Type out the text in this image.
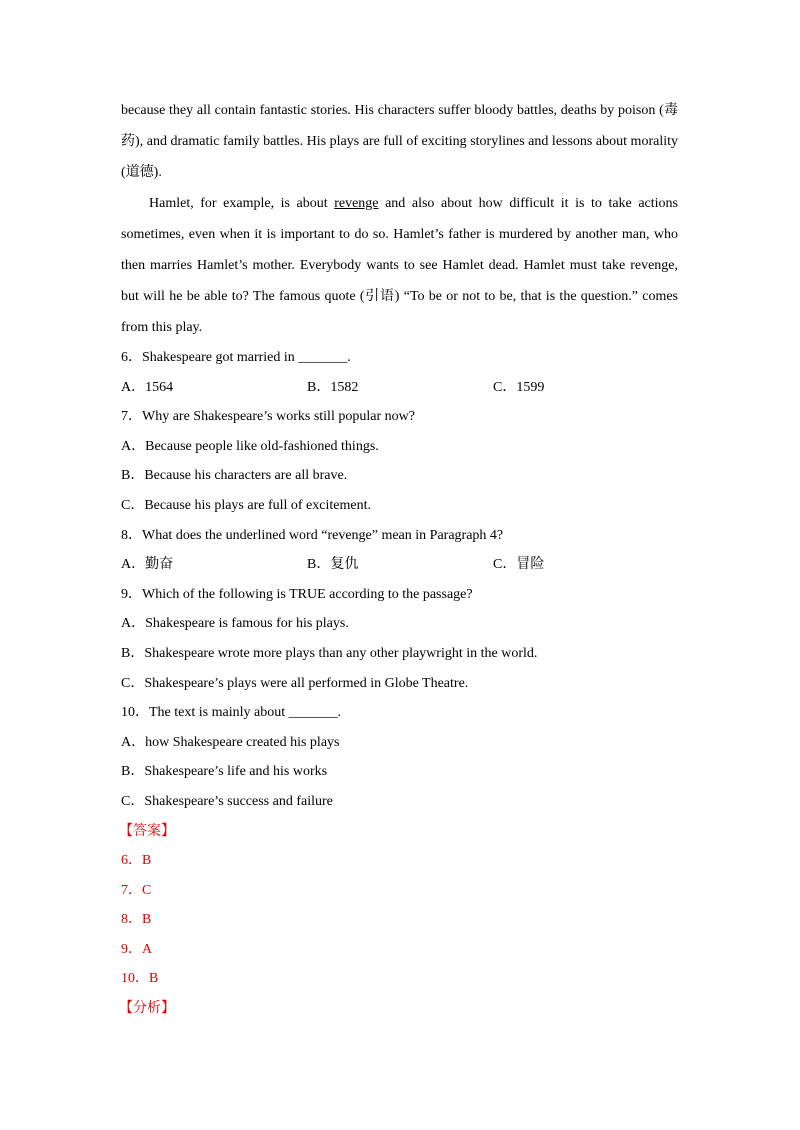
because they all contain fantastic stories. His characters suffer bloody battles, deaths by poison (毒药), and dramatic family battles. His plays are full of exciting storylines and lessons about morality (道德).

Hamlet, for example, is about revenge and also about how difficult it is to take actions sometimes, even when it is important to do so. Hamlet’s father is murdered by another man, who then marries Hamlet’s mother. Everybody wants to see Hamlet dead. Hamlet must take revenge, but will he be able to? The famous quote (引语) “To be or not to be, that is the question.” comes from this play.

6．Shakespeare got married in _______.
A．1564	B．1582	C．1599
7．Why are Shakespeare’s works still popular now?
A．Because people like old-fashioned things.
B．Because his characters are all brave.
C．Because his plays are full of excitement.
8．What does the underlined word “revenge” mean in Paragraph 4?
A．勤奋	B．复仇	C．冒险
9．Which of the following is TRUE according to the passage?
A．Shakespeare is famous for his plays.
B．Shakespeare wrote more plays than any other playwright in the world.
C．Shakespeare’s plays were all performed in Globe Theatre.
10．The text is mainly about _______.
A．how Shakespeare created his plays
B．Shakespeare’s life and his works
C．Shakespeare’s success and failure
【答案】
6．B
7．C
8．B
9．A
10．B
【分析】
